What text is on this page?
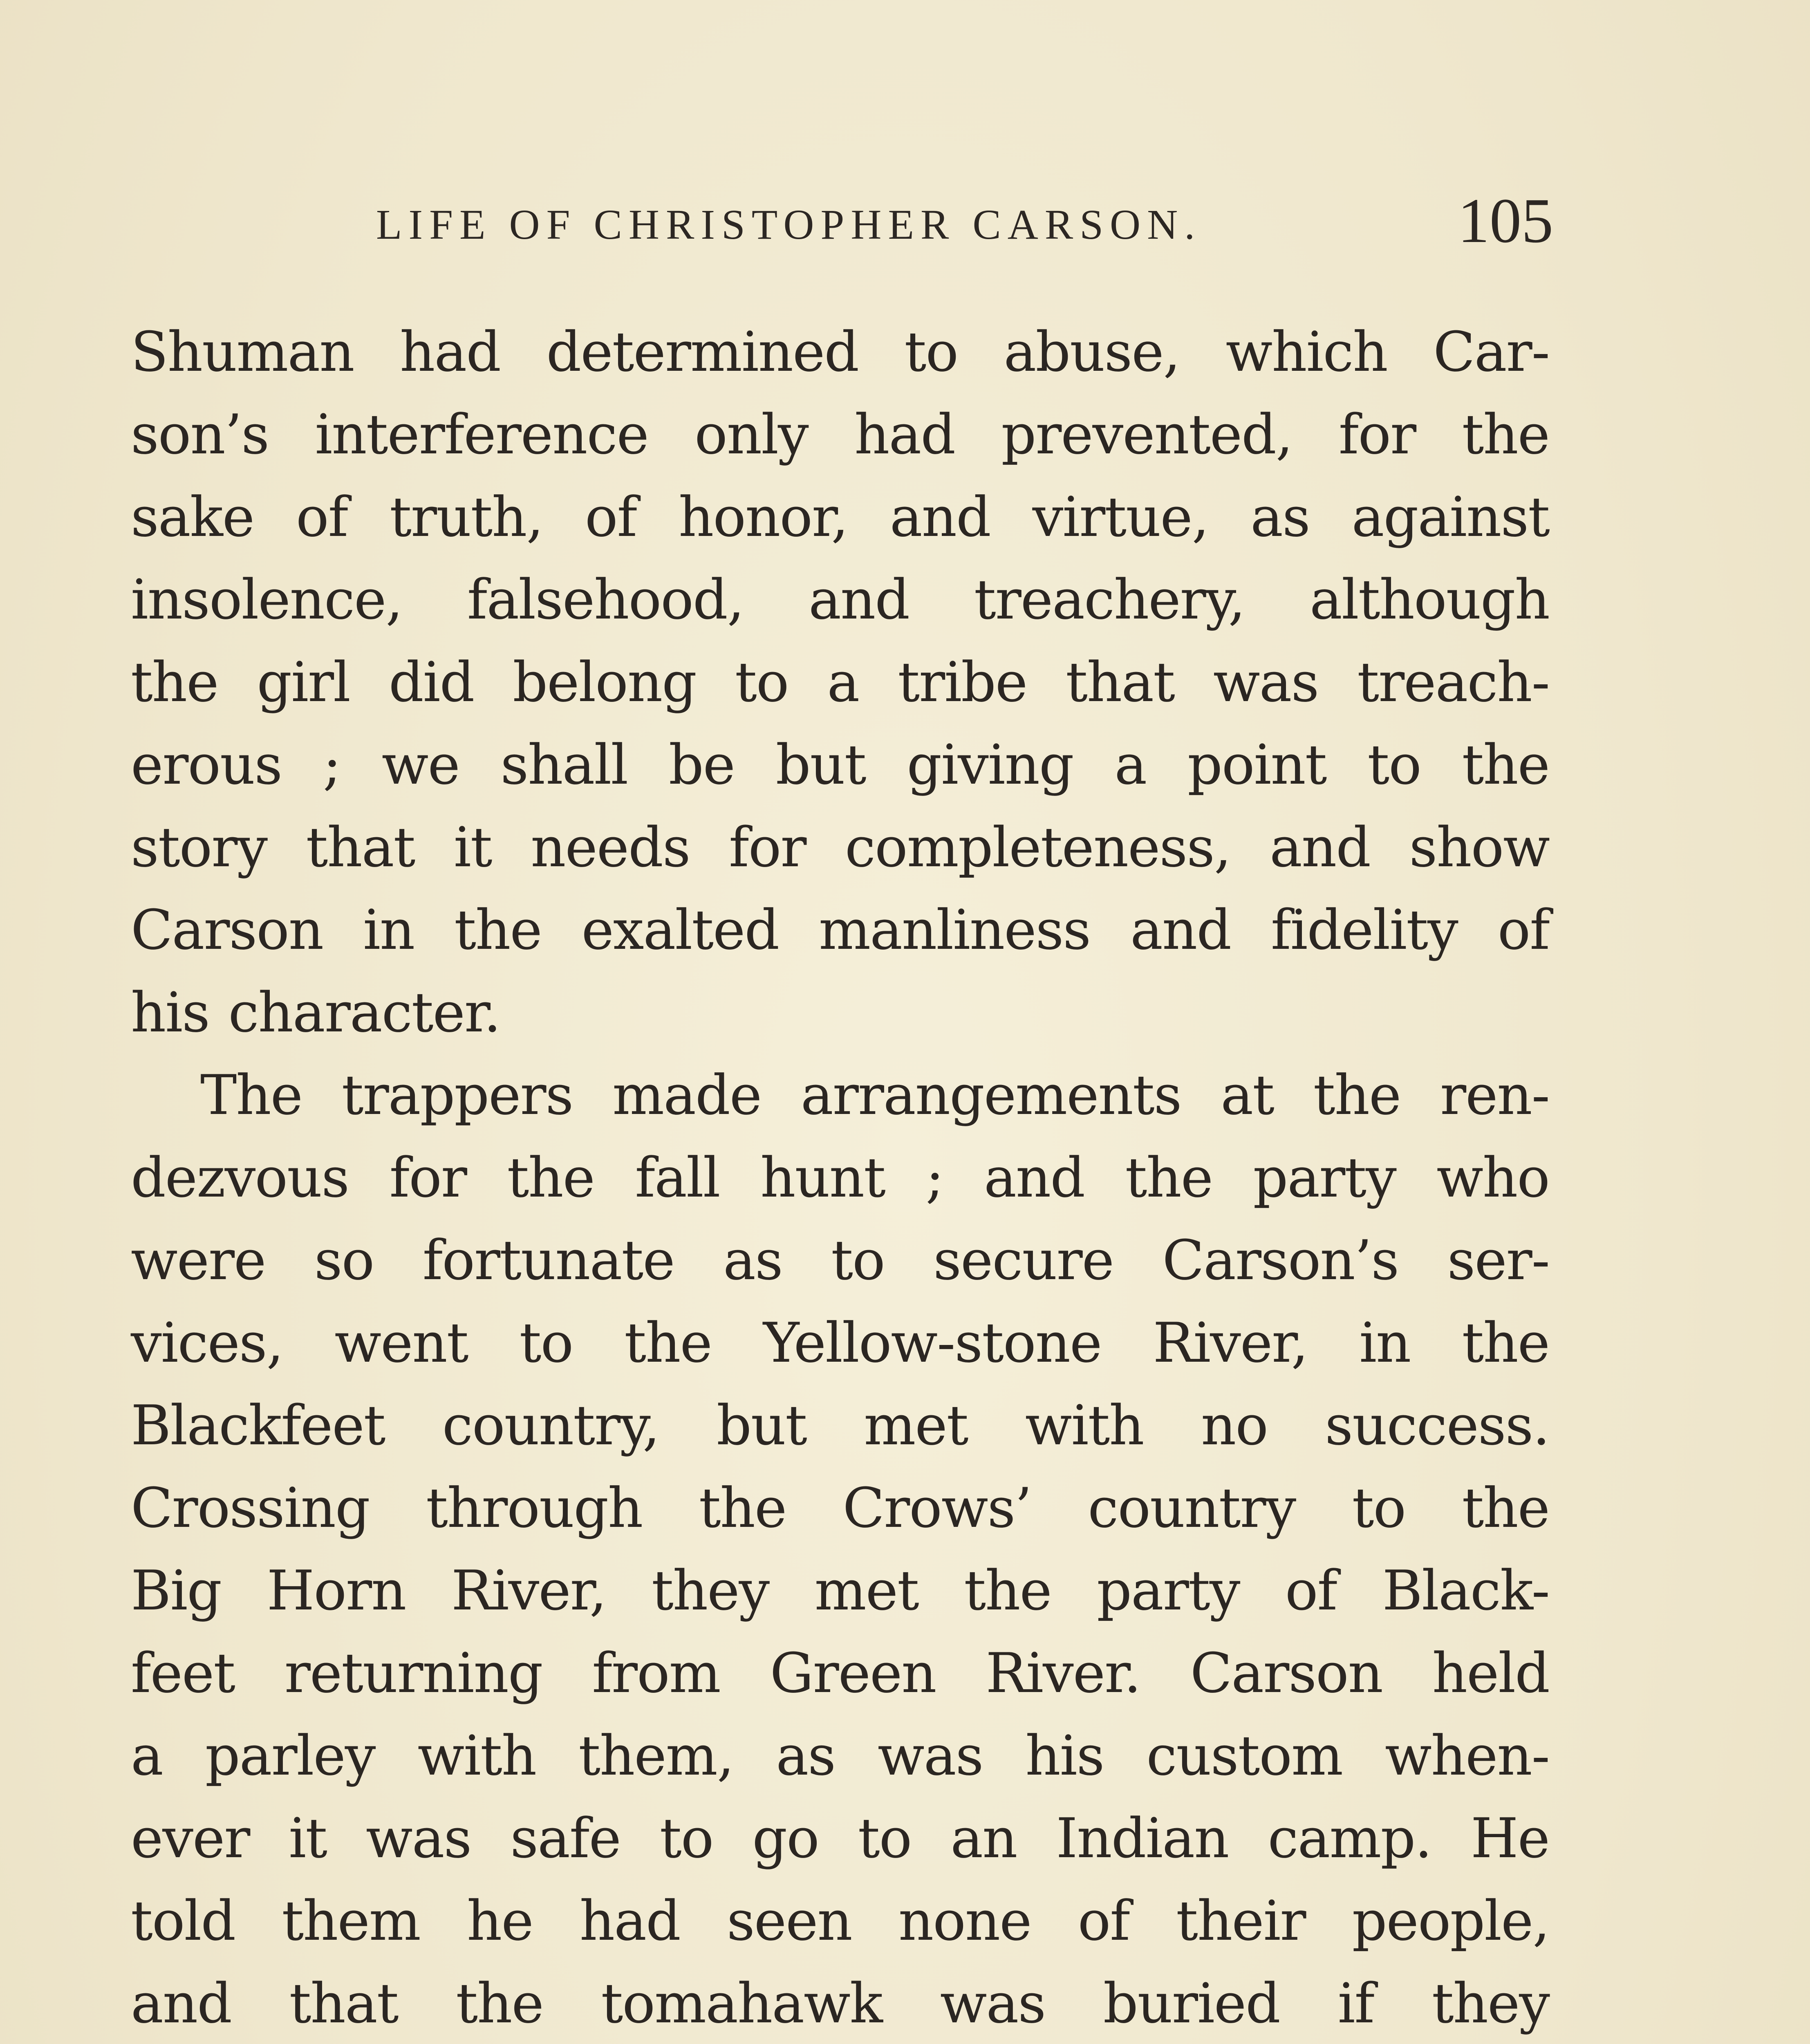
LIFE OF CHRISTOPHER CARSON.	105
Shuman had determined to abuse, which Car-
son’s interference only had prevented, for the
sake of truth, of honor, and virtue, as against
insolence, falsehood, and treachery, although
the girl did belong to a tribe that was treach-
erous ; we shall be but giving a point to the
story that it needs for completeness, and show
Carson in the exalted manliness and fidelity of
his character.
The trappers made arrangements at the ren-
dezvous for the fall hunt ; and the party who
were so fortunate as to secure Carson’s ser-
vices, went to the Yellow-stone River, in the
Blackfeet country, but met with no success.
Crossing through the Crows’ country to the
Big Horn River, they met the party of Black-
feet returning from Green River. Carson held
a parley with them, as was his custom when-
ever it was safe to go to an Indian camp. He
told them he had seen none of their people,
and that the tomahawk was buried if they
